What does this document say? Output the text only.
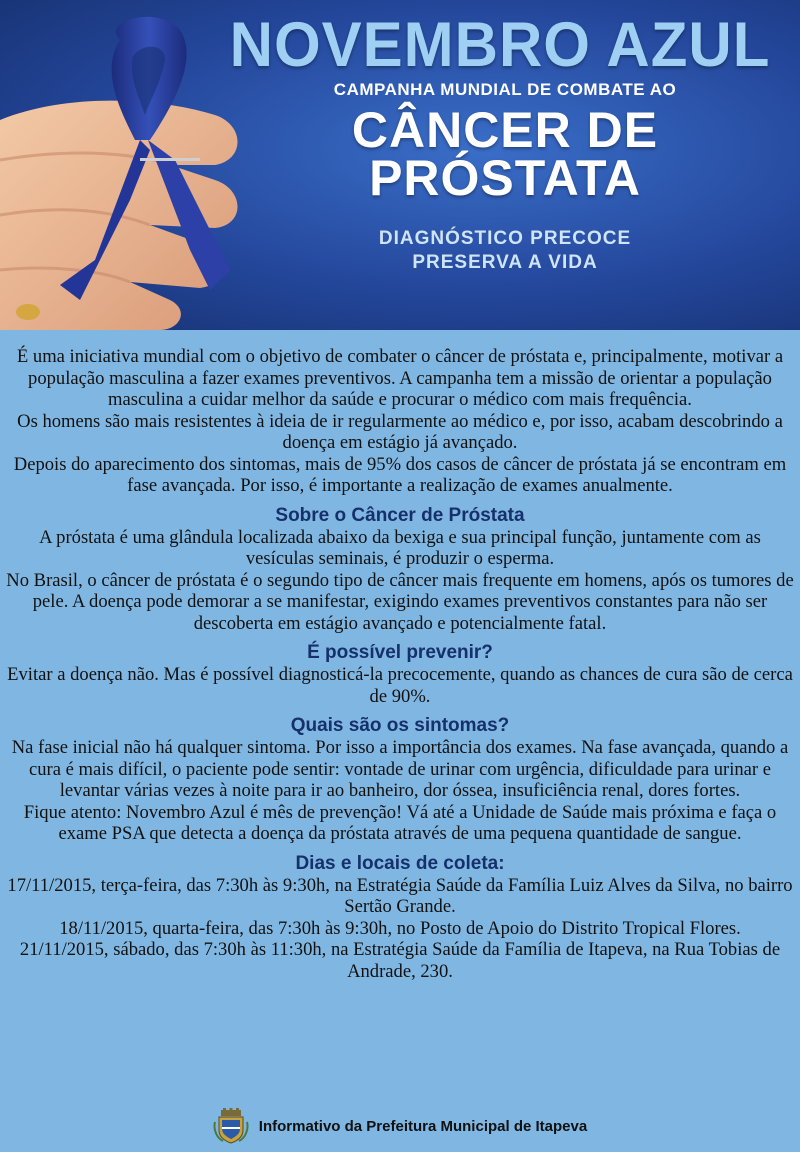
NOVEMBRO AZUL
CAMPANHA MUNDIAL DE COMBATE AO
CÂNCER DE
PRÓSTATA
DIAGNÓSTICO PRECOCE
PRESERVA A VIDA

É uma iniciativa mundial com o objetivo de combater o câncer de próstata e, principalmente, motivar a população masculina a fazer exames preventivos. A campanha tem a missão de orientar a população masculina a cuidar melhor da saúde e procurar o médico com mais frequência.

Os homens são mais resistentes à ideia de ir regularmente ao médico e, por isso, acabam descobrindo a doença em estágio já avançado.

Depois do aparecimento dos sintomas, mais de 95% dos casos de câncer de próstata já se encontram em fase avançada. Por isso, é importante a realização de exames anualmente.

Sobre o Câncer de Próstata

A próstata é uma glândula localizada abaixo da bexiga e sua principal função, juntamente com as vesículas seminais, é produzir o esperma.

No Brasil, o câncer de próstata é o segundo tipo de câncer mais frequente em homens, após os tumores de pele. A doença pode demorar a se manifestar, exigindo exames preventivos constantes para não ser descoberta em estágio avançado e potencialmente fatal.

É possível prevenir?

Evitar a doença não. Mas é possível diagnosticá-la precocemente, quando as chances de cura são de cerca de 90%.

Quais são os sintomas?

Na fase inicial não há qualquer sintoma. Por isso a importância dos exames. Na fase avançada, quando a cura é mais difícil, o paciente pode sentir: vontade de urinar com urgência, dificuldade para urinar e levantar várias vezes à noite para ir ao banheiro, dor óssea, insuficiência renal, dores fortes.

Fique atento: Novembro Azul é mês de prevenção! Vá até a Unidade de Saúde mais próxima e faça o exame PSA que detecta a doença da próstata através de uma pequena quantidade de sangue.

Dias e locais de coleta:

17/11/2015, terça-feira, das 7:30h às 9:30h, na Estratégia Saúde da Família Luiz Alves da Silva, no bairro Sertão Grande.

18/11/2015, quarta-feira, das 7:30h às 9:30h, no Posto de Apoio do Distrito Tropical Flores.

21/11/2015, sábado, das 7:30h às 11:30h, na Estratégia Saúde da Família de Itapeva, na Rua Tobias de Andrade, 230.

Informativo da Prefeitura Municipal de Itapeva
